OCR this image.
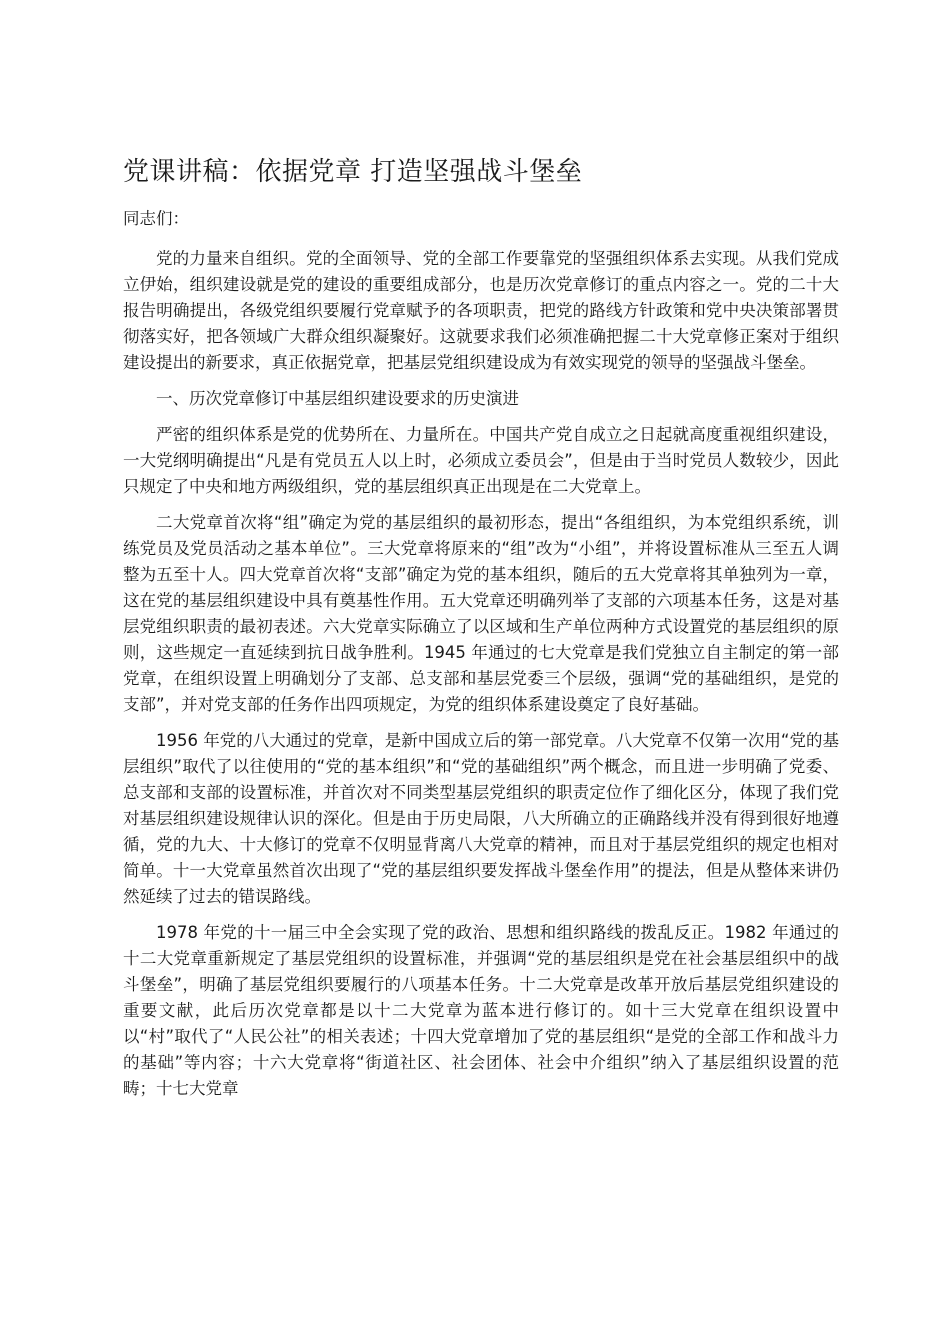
党课讲稿：依据党章 打造坚强战斗堡垒

同志们：

党的力量来自组织。党的全面领导、党的全部工作要靠党的坚强组织体系去实现。从我们党成立伊始，组织建设就是党的建设的重要组成部分，也是历次党章修订的重点内容之一。党的二十大报告明确提出，各级党组织要履行党章赋予的各项职责，把党的路线方针政策和党中央决策部署贯彻落实好，把各领域广大群众组织凝聚好。这就要求我们必须准确把握二十大党章修正案对于组织建设提出的新要求，真正依据党章，把基层党组织建设成为有效实现党的领导的坚强战斗堡垒。

一、历次党章修订中基层组织建设要求的历史演进

严密的组织体系是党的优势所在、力量所在。中国共产党自成立之日起就高度重视组织建设，一大党纲明确提出“凡是有党员五人以上时，必须成立委员会”，但是由于当时党员人数较少，因此只规定了中央和地方两级组织，党的基层组织真正出现是在二大党章上。

二大党章首次将“组”确定为党的基层组织的最初形态，提出“各组组织，为本党组织系统，训练党员及党员活动之基本单位”。三大党章将原来的“组”改为“小组”，并将设置标准从三至五人调整为五至十人。四大党章首次将“支部”确定为党的基本组织，随后的五大党章将其单独列为一章，这在党的基层组织建设中具有奠基性作用。五大党章还明确列举了支部的六项基本任务，这是对基层党组织职责的最初表述。六大党章实际确立了以区域和生产单位两种方式设置党的基层组织的原则，这些规定一直延续到抗日战争胜利。1945 年通过的七大党章是我们党独立自主制定的第一部党章，在组织设置上明确划分了支部、总支部和基层党委三个层级，强调“党的基础组织，是党的支部”，并对党支部的任务作出四项规定，为党的组织体系建设奠定了良好基础。

1956 年党的八大通过的党章，是新中国成立后的第一部党章。八大党章不仅第一次用“党的基层组织”取代了以往使用的“党的基本组织”和“党的基础组织”两个概念，而且进一步明确了党委、总支部和支部的设置标准，并首次对不同类型基层党组织的职责定位作了细化区分，体现了我们党对基层组织建设规律认识的深化。但是由于历史局限，八大所确立的正确路线并没有得到很好地遵循，党的九大、十大修订的党章不仅明显背离八大党章的精神，而且对于基层党组织的规定也相对简单。十一大党章虽然首次出现了“党的基层组织要发挥战斗堡垒作用”的提法，但是从整体来讲仍然延续了过去的错误路线。

1978 年党的十一届三中全会实现了党的政治、思想和组织路线的拨乱反正。1982 年通过的十二大党章重新规定了基层党组织的设置标准，并强调“党的基层组织是党在社会基层组织中的战斗堡垒”，明确了基层党组织要履行的八项基本任务。十二大党章是改革开放后基层党组织建设的重要文献，此后历次党章都是以十二大党章为蓝本进行修订的。如十三大党章在组织设置中以“村”取代了“人民公社”的相关表述；十四大党章增加了党的基层组织“是党的全部工作和战斗力的基础”等内容；十六大党章将“街道社区、社会团体、社会中介组织”纳入了基层组织设置的范畴；十七大党章
